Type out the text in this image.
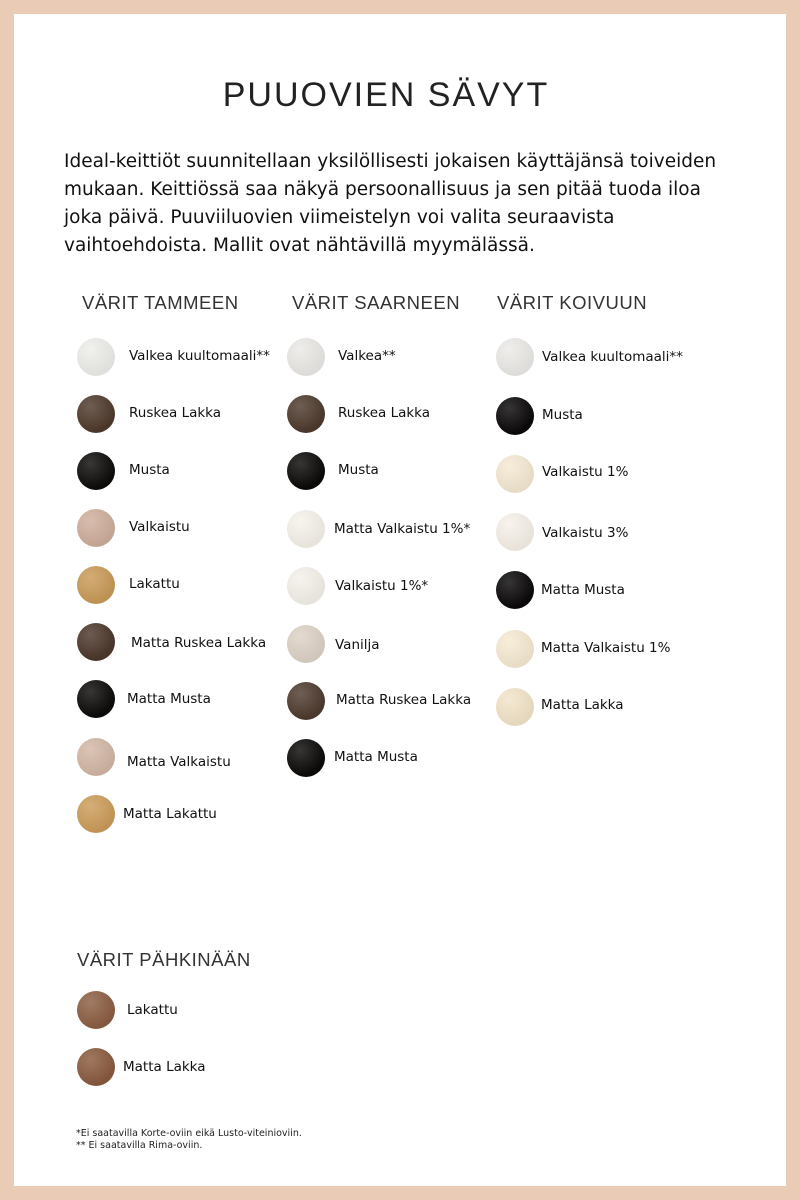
PUUOVIEN SÄVYT
Ideal-keittiöt suunnitellaan yksilöllisesti jokaisen käyttäjänsä toiveiden mukaan. Keittiössä saa näkyä persoonallisuus ja sen pitää tuoda iloa joka päivä. Puuviiluovien viimeistelyn voi valita seuraavista vaihtoehdoista. Mallit ovat nähtävillä myymälässä.
VÄRIT TAMMEEN
Valkea kuultomaali**
Ruskea Lakka
Musta
Valkaistu
Lakattu
Matta Ruskea Lakka
Matta Musta
Matta Valkaistu
Matta Lakattu
VÄRIT SAARNEEN
Valkea**
Ruskea Lakka
Musta
Matta Valkaistu 1%*
Valkaistu 1%*
Vanilja
Matta Ruskea Lakka
Matta Musta
VÄRIT KOIVUUN
Valkea kuultomaali**
Musta
Valkaistu 1%
Valkaistu 3%
Matta Musta
Matta Valkaistu 1%
Matta Lakka
VÄRIT PÄHKINÄÄN
Lakattu
Matta Lakka
*Ei saatavilla Korte-oviin eikä Lusto-viteinioviin.
** Ei saatavilla Rima-oviin.
